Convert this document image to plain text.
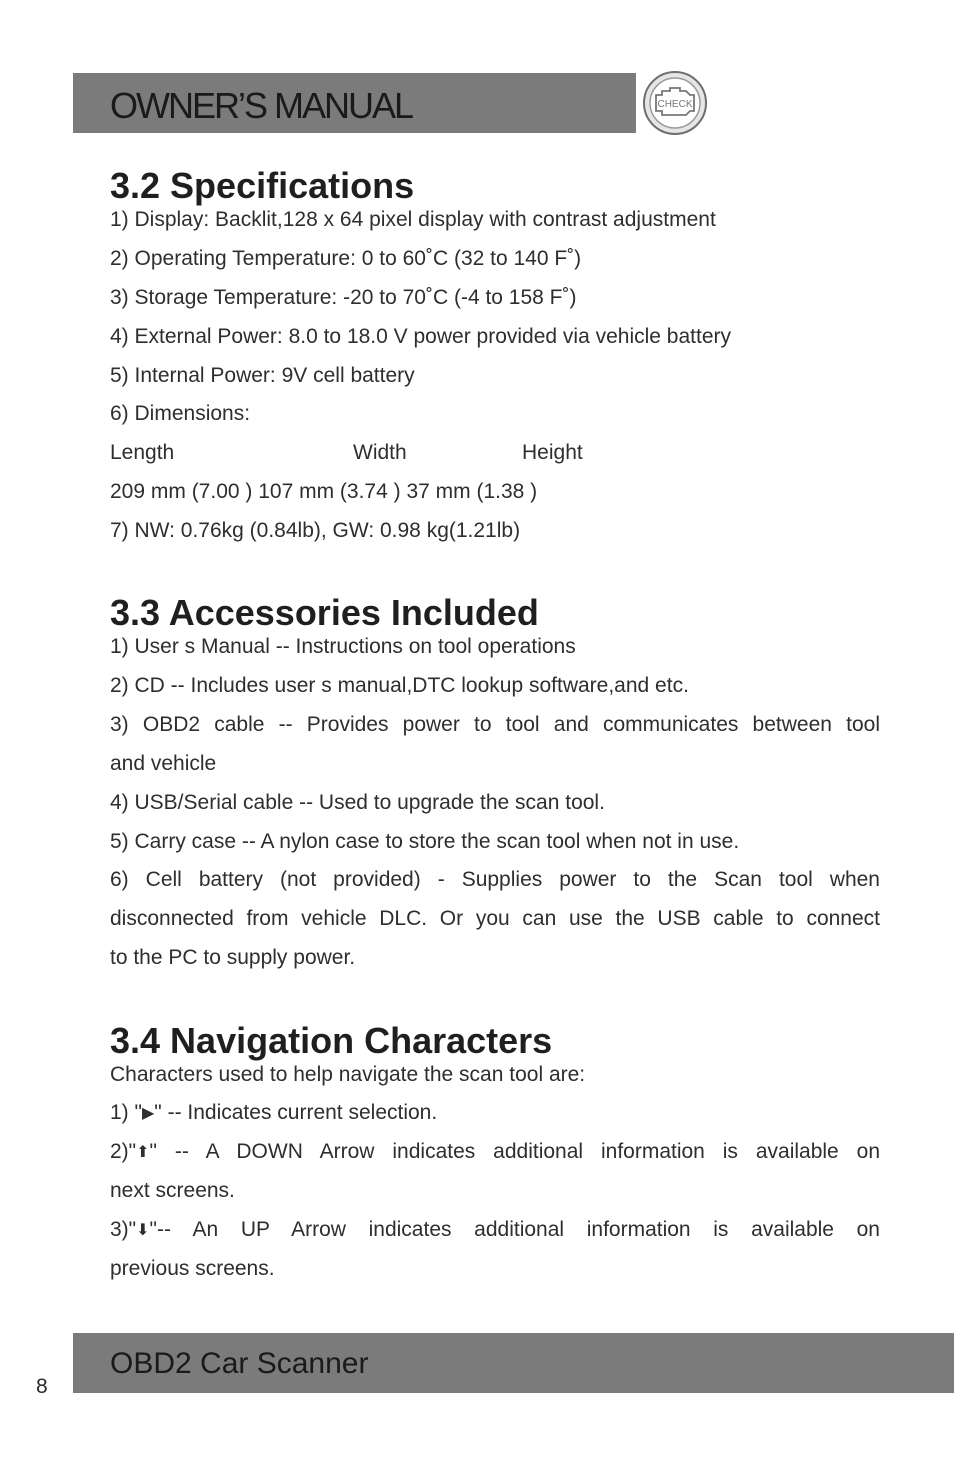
OWNER’S MANUAL	CHECK
3.2 Specifications
1) Display: Backlit,128 x 64 pixel display with contrast adjustment
2) Operating Temperature: 0 to 60˚C (32 to 140 F˚)
3) Storage Temperature: -20 to 70˚C (-4 to 158 F˚)
4) External Power: 8.0 to 18.0 V power provided via vehicle battery
5) Internal Power: 9V cell battery
6) Dimensions:
Length	Width	Height
209 mm (7.00 ) 107 mm (3.74 ) 37 mm (1.38 )
7) NW: 0.76kg (0.84lb), GW: 0.98 kg(1.21lb)
3.3 Accessories Included
1) User s Manual -- Instructions on tool operations
2) CD -- Includes user s manual,DTC lookup software,and etc.
3) OBD2 cable -- Provides power to tool and communicates between tool
and vehicle
4) USB/Serial cable -- Used to upgrade the scan tool.
5) Carry case -- A nylon case to store the scan tool when not in use.
6) Cell battery (not provided) - Supplies power to the Scan tool when
disconnected from vehicle DLC. Or you can use the USB cable to connect
to the PC to supply power.
3.4 Navigation Characters
Characters used to help navigate the scan tool are:
1) "▶" -- Indicates current selection.
2)"⬆" -- A DOWN Arrow indicates additional information is available on
next screens.
3)"⬇"-- An UP Arrow indicates additional information is available on
previous screens.
OBD2 Car Scanner
8
